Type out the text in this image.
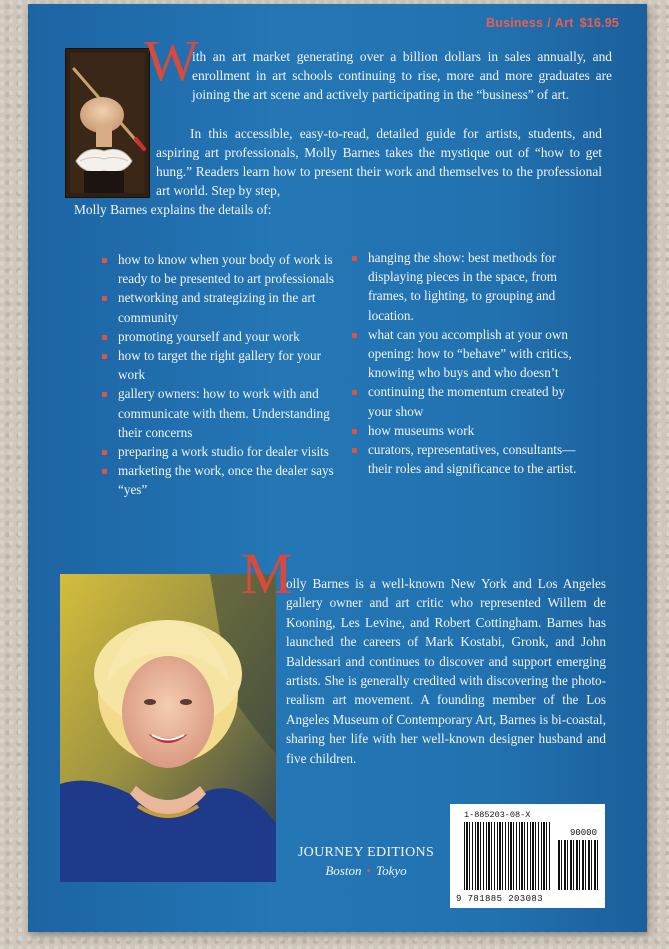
Business / Art $16.95
W

ith an art market generating over a billion dollars in sales annually, and enrollment in art schools continuing to rise, more and more graduates are joining the art scene and actively participating in the “business” of art.

In this accessible, easy-to-read, detailed guide for artists, students, and aspiring art professionals, Molly Barnes takes the mystique out of “how to get hung.” Readers learn how to present their work and themselves to the professional art world. Step by step,

Molly Barnes explains the details of:

how to know when your body of work is ready to be presented to art professionals
networking and strategizing in the art community
promoting yourself and your work
how to target the right gallery for your work
gallery owners: how to work with and communicate with them. Understanding their concerns
preparing a work studio for dealer visits
marketing the work, once the dealer says “yes”
hanging the show: best methods for displaying pieces in the space, from frames, to lighting, to grouping and location.
what can you accomplish at your own opening: how to “behave” with critics, knowing who buys and who doesn’t
continuing the momentum created by your show
how museums work
curators, representatives, consultants—their roles and significance to the artist.
M

olly Barnes is a well-known New York and Los Angeles gallery owner and art critic who represented Willem de Kooning, Les Levine, and Robert Cottingham. Barnes has launched the careers of Mark Kostabi, Gronk, and John Baldessari and continues to discover and support emerging artists. She is generally credited with discovering the photo-realism art movement. A founding member of the Los Angeles Museum of Contemporary Art, Barnes is bi-coastal, sharing her life with her well-known designer husband and five children.

JOURNEY EDITIONS
Boston • Tokyo
1-885203-08-X
90000
9 781885 203083
